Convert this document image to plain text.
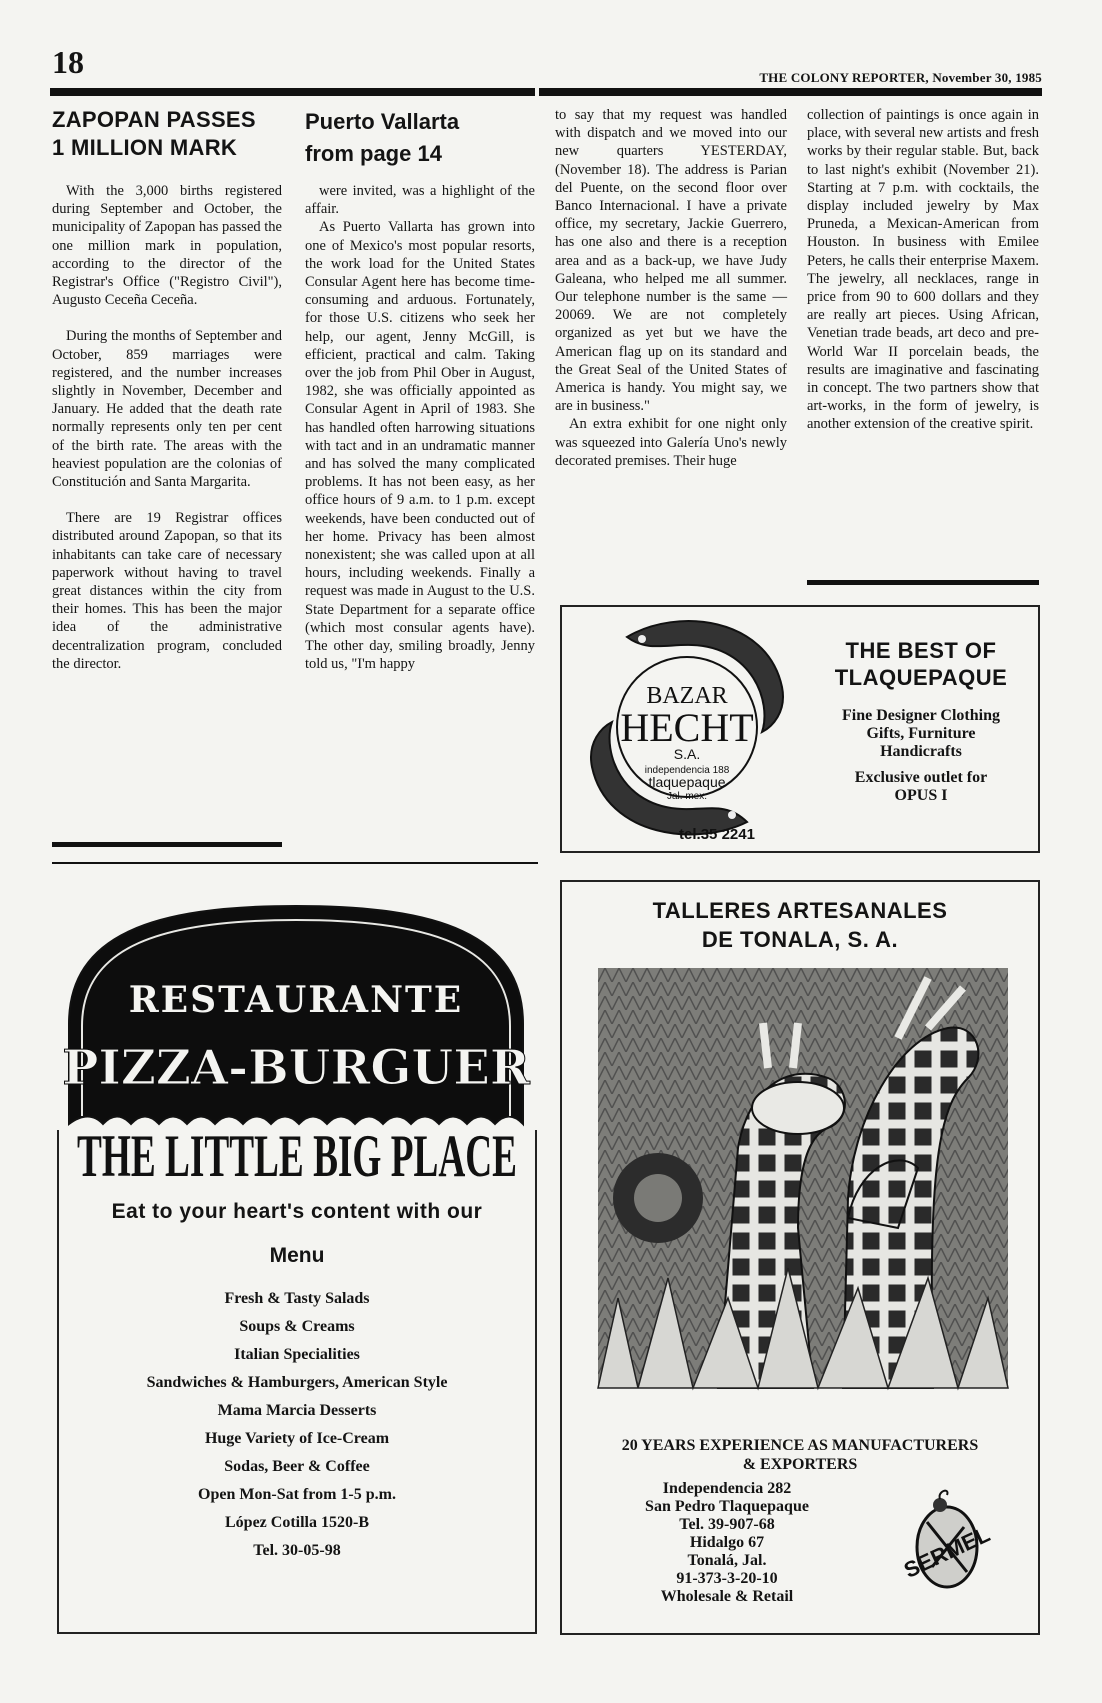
18	THE COLONY REPORTER, November 30, 1985
ZAPOPAN PASSES
1 MILLION MARK

With the 3,000 births registered during September and October, the municipality of Zapopan has passed the one million mark in population, according to the director of the Registrar's Office ("Registro Civil"), Augusto Ceceña Ceceña.

During the months of September and October, 859 marriages were registered, and the number increases slightly in November, December and January. He added that the death rate normally represents only ten per cent of the birth rate. The areas with the heaviest population are the colonias of Constitución and Santa Margarita.

There are 19 Registrar offices distributed around Zapopan, so that its inhabitants can take care of necessary paperwork without having to travel great distances within the city from their homes. This has been the major idea of the administrative decentralization program, concluded the director.

Puerto Vallarta
from page 14

were invited, was a highlight of the affair.

As Puerto Vallarta has grown into one of Mexico's most popular resorts, the work load for the United States Consular Agent here has become time-consuming and arduous. Fortunately, for those U.S. citizens who seek her help, our agent, Jenny McGill, is efficient, practical and calm. Taking over the job from Phil Ober in August, 1982, she was officially appointed as Consular Agent in April of 1983. She has handled often harrowing situations with tact and in an undramatic manner and has solved the many complicated problems. It has not been easy, as her office hours of 9 a.m. to 1 p.m. except weekends, have been conducted out of her home. Privacy has been almost nonexistent; she was called upon at all hours, including weekends. Finally a request was made in August to the U.S. State Department for a separate office (which most consular agents have). The other day, smiling broadly, Jenny told us, "I'm happy

to say that my request was handled with dispatch and we moved into our new quarters YESTERDAY, (November 18). The address is Parian del Puente, on the second floor over Banco Internacional. I have a private office, my secretary, Jackie Guerrero, has one also and there is a reception area and as a back-up, we have Judy Galeana, who helped me all summer. Our telephone number is the same — 20069. We are not completely organized as yet but we have the American flag up on its standard and the Great Seal of the United States of America is handy. You might say, we are in business."

An extra exhibit for one night only was squeezed into Galería Uno's newly decorated premises. Their huge

collection of paintings is once again in place, with several new artists and fresh works by their regular stable. But, back to last night's exhibit (November 21). Starting at 7 p.m. with cocktails, the display included jewelry by Max Pruneda, a Mexican-American from Houston. In business with Emilee Peters, he calls their enterprise Maxem. The jewelry, all necklaces, range in price from 90 to 600 dollars and they are really art pieces. Using African, Venetian trade beads, art deco and pre-World War II porcelain beads, the results are imaginative and fascinating in concept. The two partners show that art-works, in the form of jewelry, is another extension of the creative spirit.

BAZAR
HECHT
S.A.
independencia 188
tlaquepaque
Jal. mex.
tel.35 2241
THE BEST OF
TLAQUEPAQUE
Fine Designer Clothing
Gifts, Furniture
Handicrafts
Exclusive outlet for
OPUS I
RESTAURANTE
PIZZA-BURGUER
THE LITTLE BIG PLACE
Eat to your heart's content with our
Menu
Fresh & Tasty Salads
Soups & Creams
Italian Specialities
Sandwiches & Hamburgers, American Style
Mama Marcia Desserts
Huge Variety of Ice-Cream
Sodas, Beer & Coffee
Open Mon-Sat from 1-5 p.m.
López Cotilla 1520-B
Tel. 30-05-98
TALLERES ARTESANALES
DE TONALA, S. A.
20 YEARS EXPERIENCE AS MANUFACTURERS
& EXPORTERS
Independencia 282
San Pedro Tlaquepaque
Tel. 39-907-68
Hidalgo 67
Tonalá, Jal.
91-373-3-20-10
Wholesale & Retail
SERMEL
